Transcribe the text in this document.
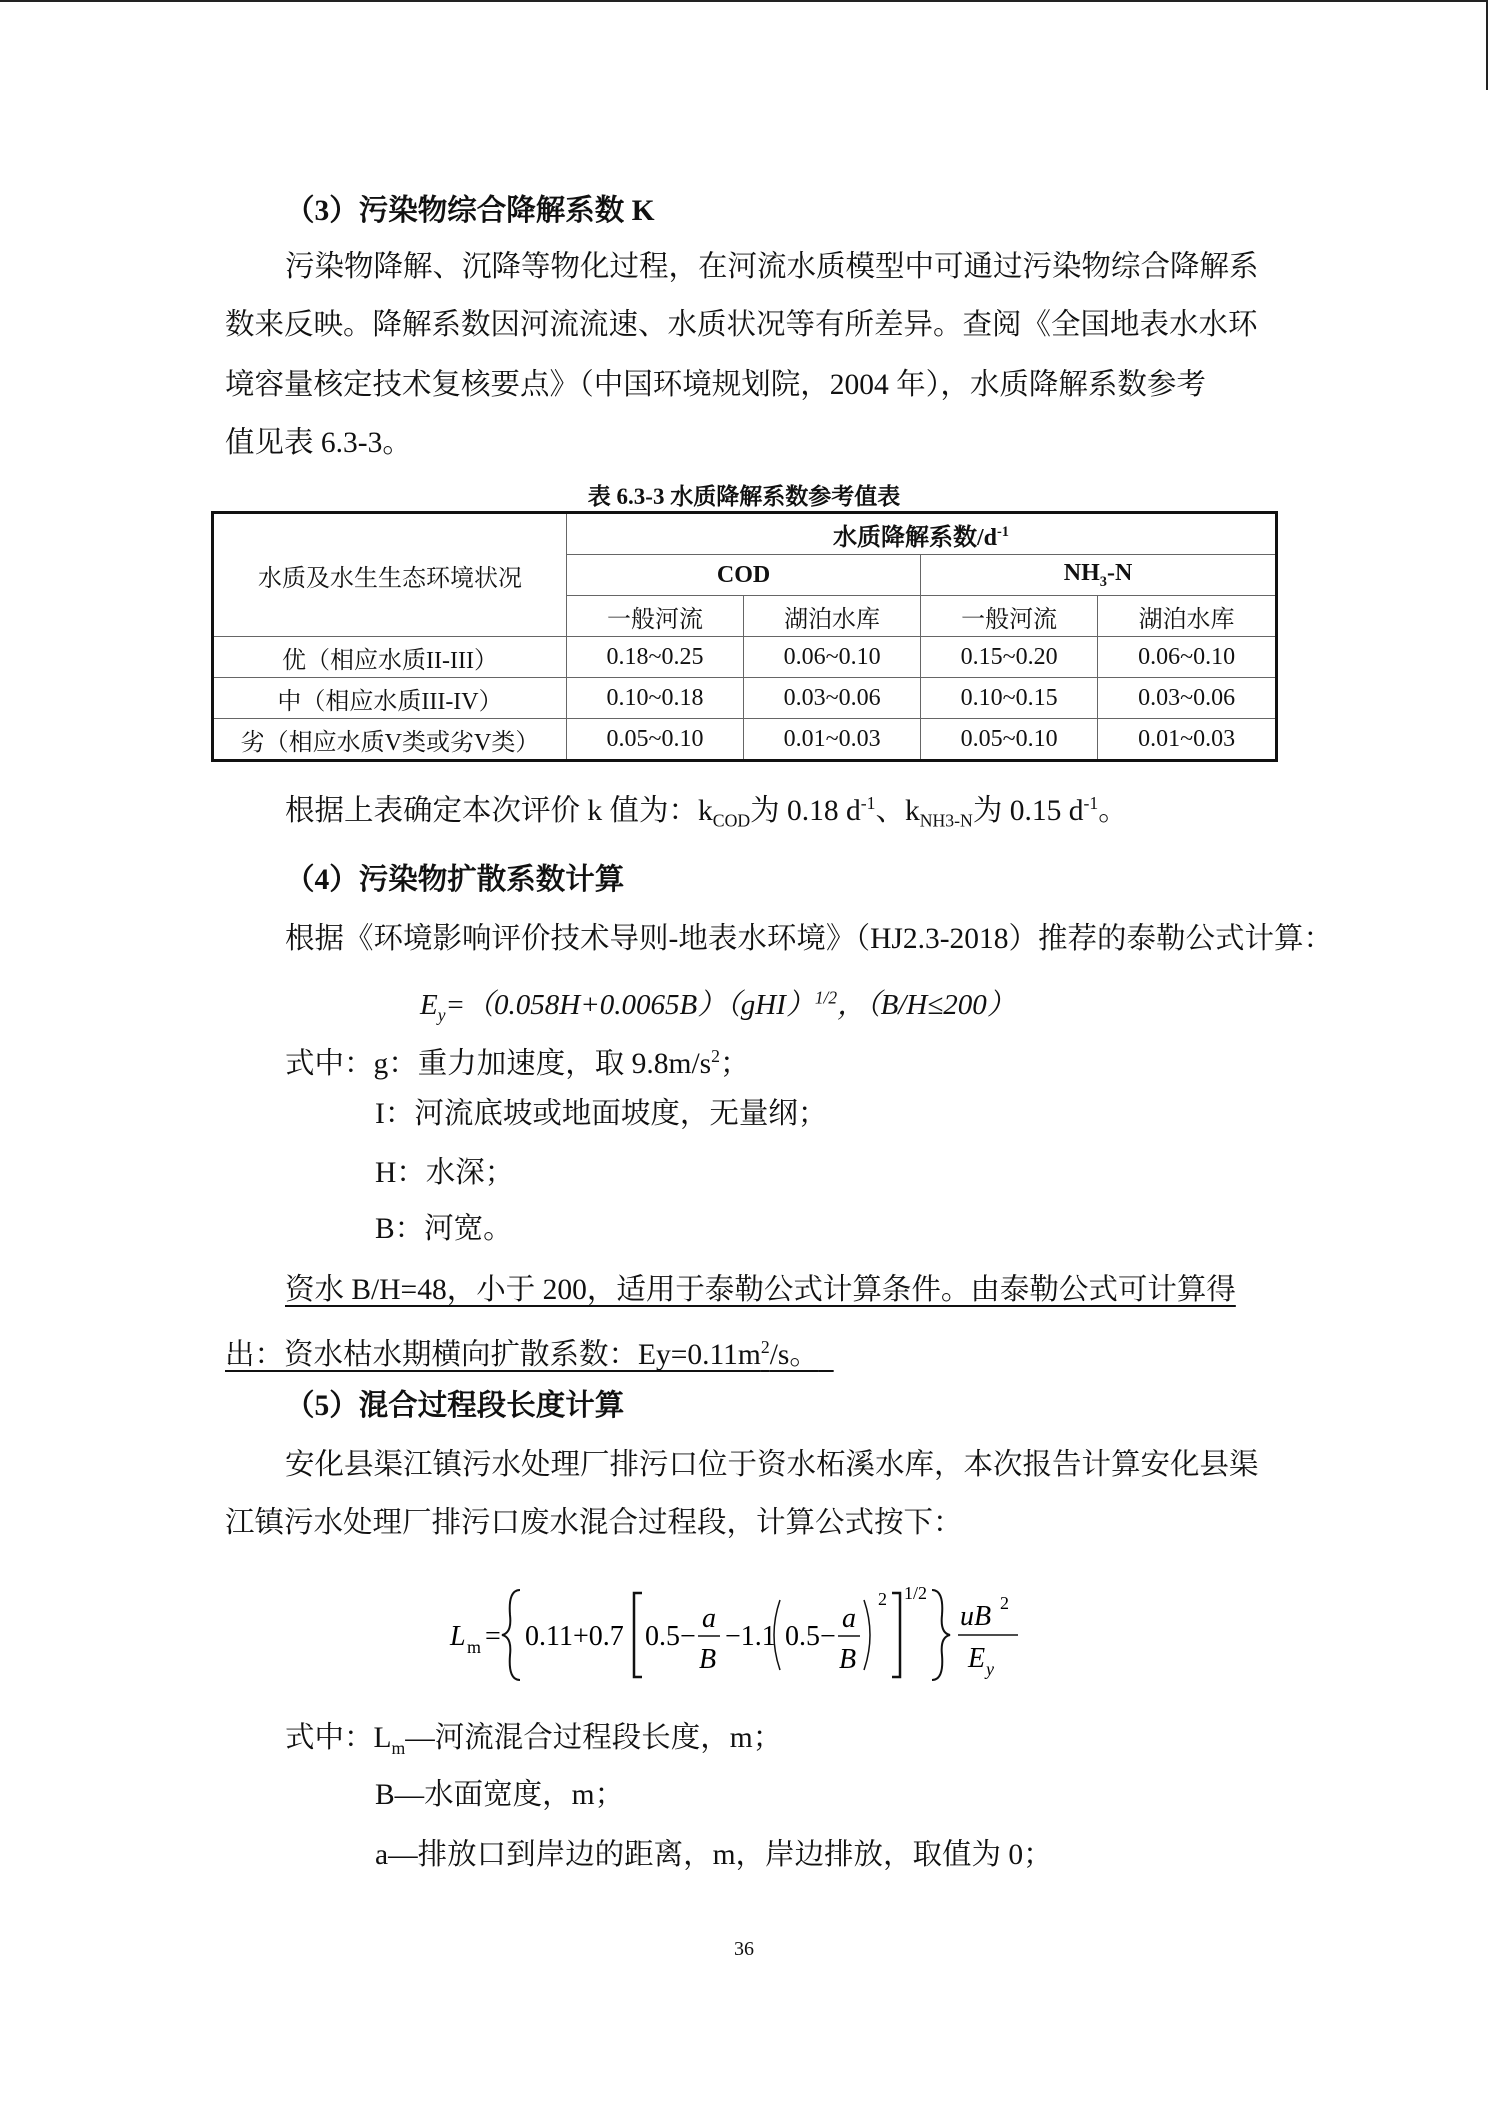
（3）污染物综合降解系数 K
污染物降解、沉降等物化过程，在河流水质模型中可通过污染物综合降解系
数来反映。降解系数因河流流速、水质状况等有所差异。查阅《全国地表水水环
境容量核定技术复核要点》（中国环境规划院，2004 年），水质降解系数参考
值见表 6.3-3。
表 6.3-3 水质降解系数参考值表
水质及水生生态环境状况	水质降解系数$/d^{-1}$
	COD		$NH_3-N$	
	一般河流	湖泊水库	一般河流	湖泊水库
优（相应水质II-III）	0.18~0.25	0.06~0.10	0.15~0.20	0.06~0.10
中（相应水质III-IV）	0.10~0.18	0.03~0.06	0.10~0.15	0.03~0.06
劣（相应水质V类或劣V类）	0.05~0.10	0.01~0.03	0.05~0.10	0.01~0.03
根据上表确定本次评价 k 值为：$k_{COD}$为 0.18 $d^{-1}$、$k_{NH3-N}$为 0.15 $d^{-1}$。
（4）污染物扩散系数计算
根据《环境影响评价技术导则-地表水环境》（HJ2.3-2018）推荐的泰勒公式计算：
$E_y=(0.058H+0.0065B)(gHI)^{1/2}$，（B/H≤200）
式中：g：重力加速度，取 $9.8m/s^2$；
I：河流底坡或地面坡度，无量纲；
H：水深；
B：河宽。
资水 B/H=48，小于 200，适用于泰勒公式计算条件。由泰勒公式可计算得
出：资水枯水期横向扩散系数：$Ey=0.11m^2/s$。
（5）混合过程段长度计算
安化县渠江镇污水处理厂排污口位于资水柘溪水库，本次报告计算安化县渠
江镇污水处理厂排污口废水混合过程段，计算公式按下：
L m = 0.11+0.7 0.5−
a
B
−1.1 0.5−
a
B
2 1/2
uB 2
E y
式中：$L_m—$河流混合过程段长度，m；
B—水面宽度，m；
a—排放口到岸边的距离，m，岸边排放，取值为 0；
36
